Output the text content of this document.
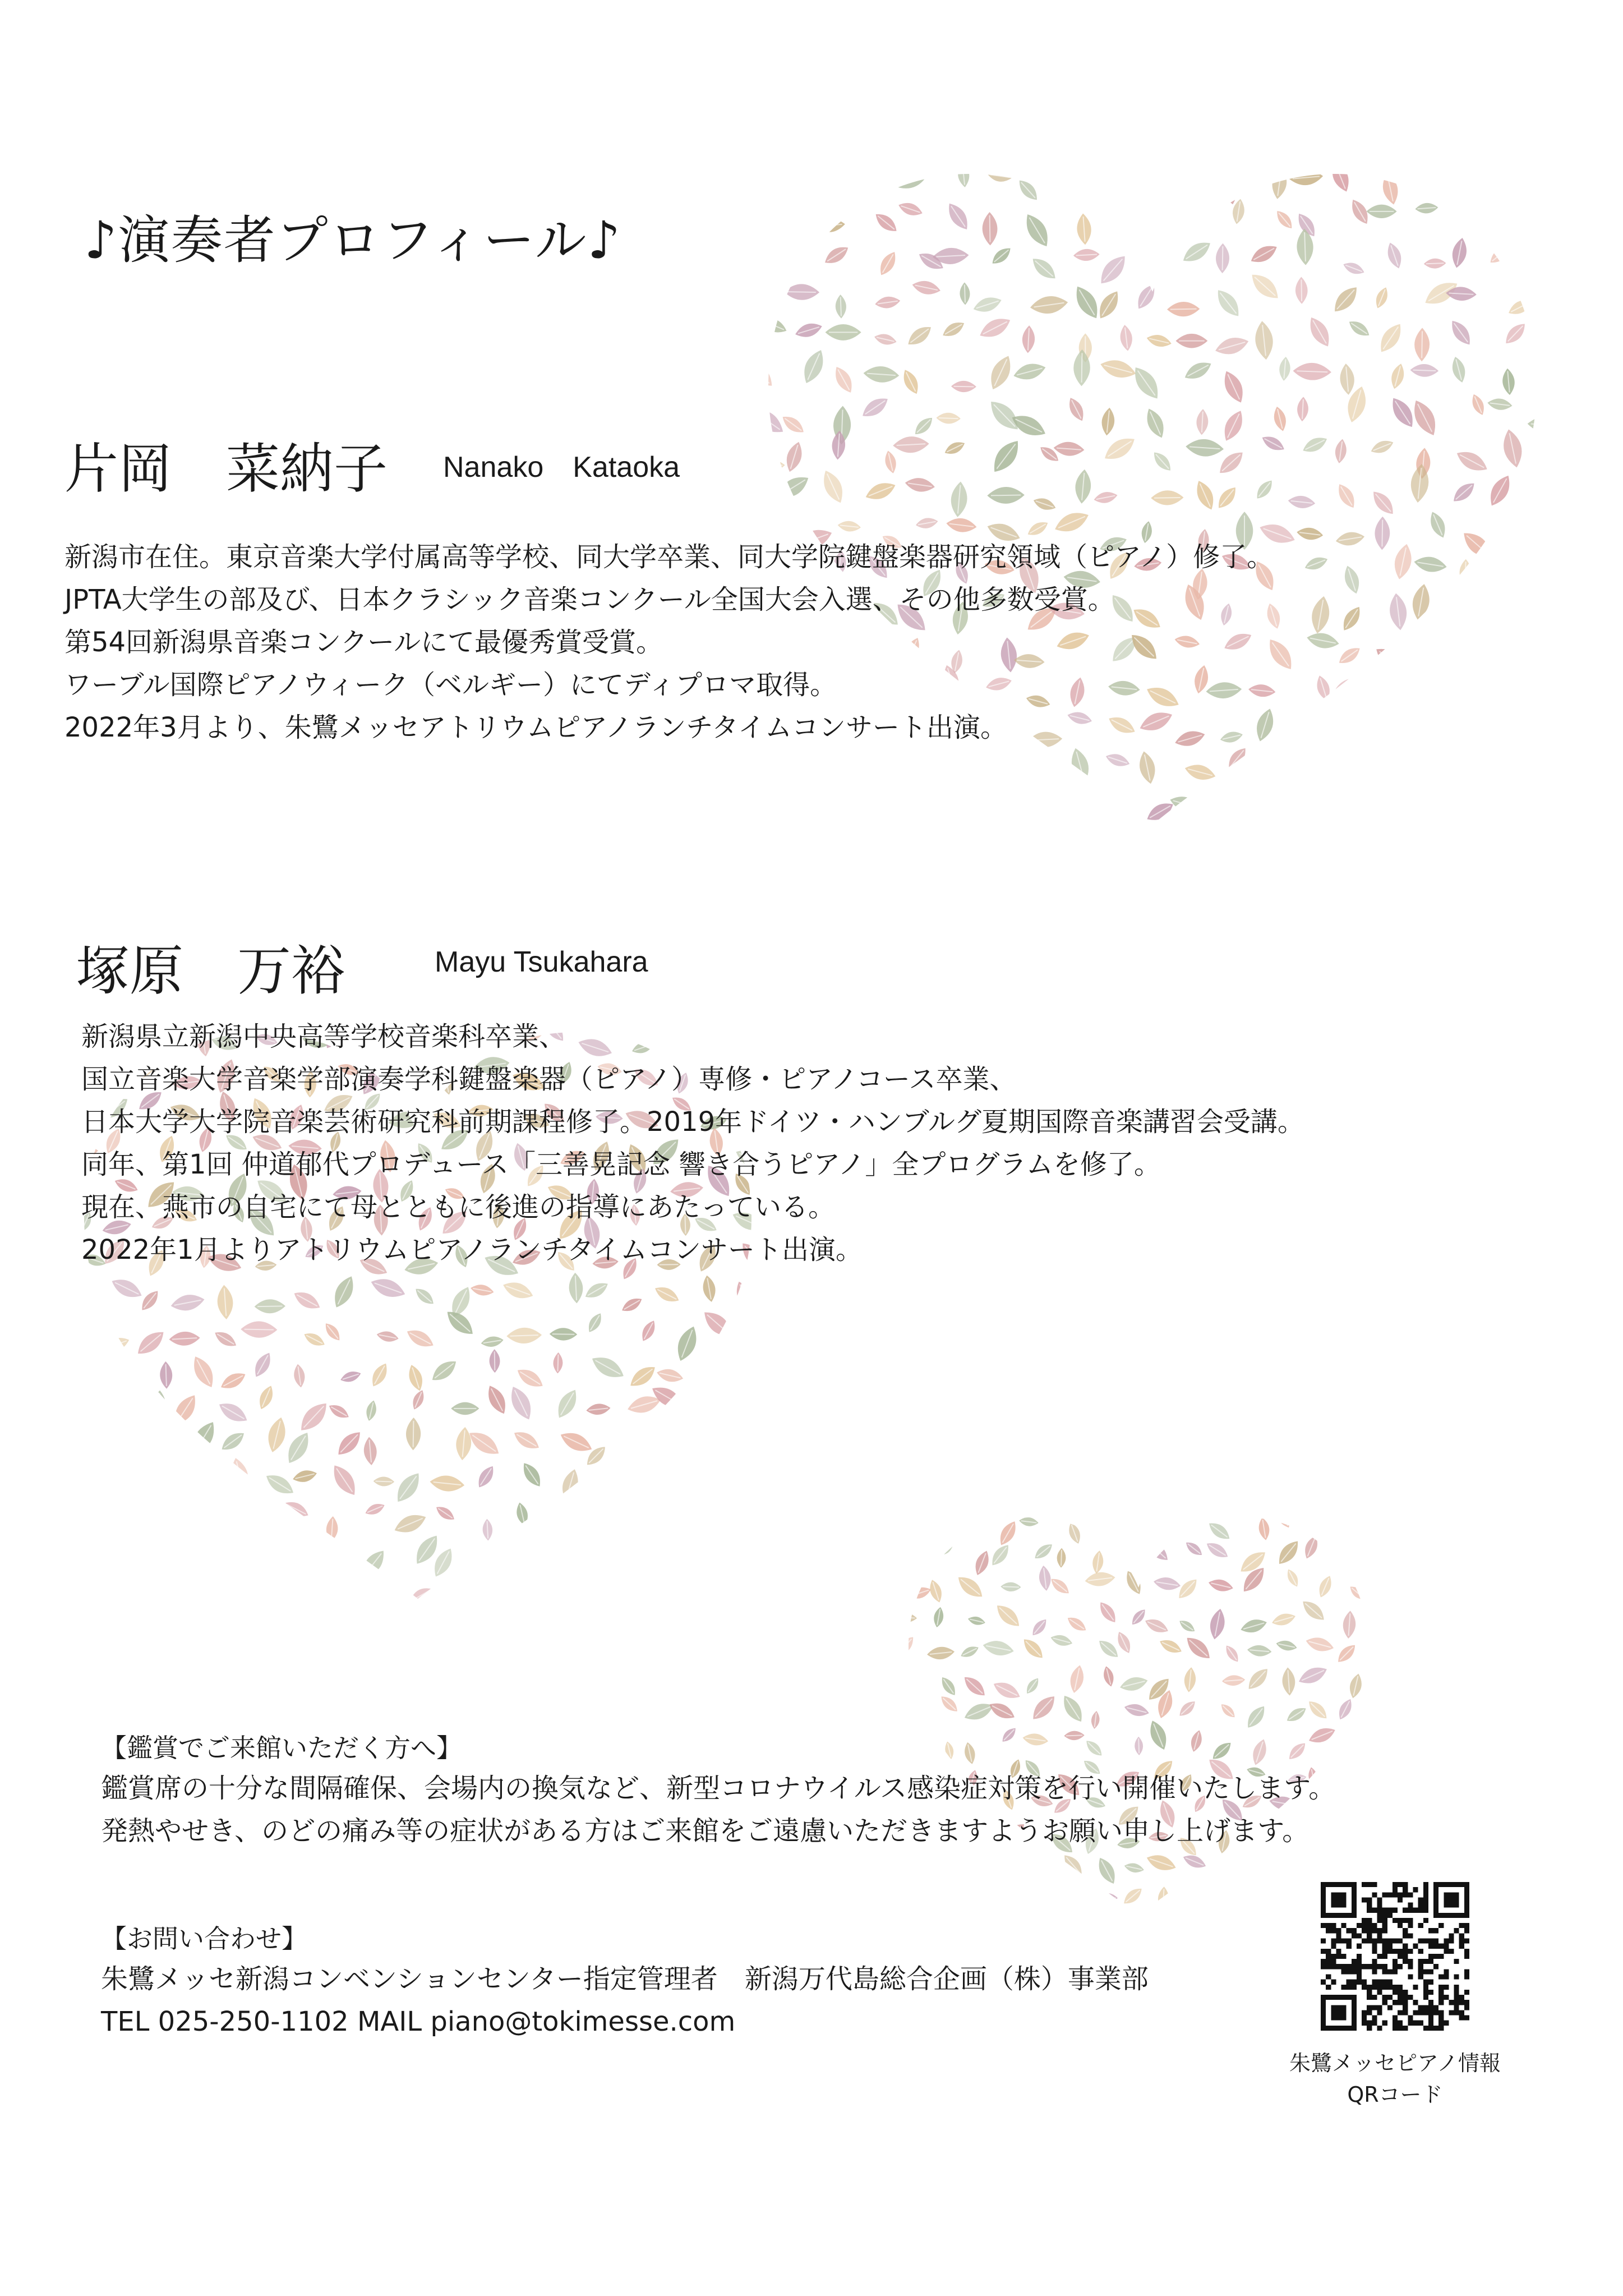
♪演奏者プロフィール♪
片岡　菜納子 Nanako　Kataoka
新潟市在住。東京音楽大学付属高等学校、同大学卒業、同大学院鍵盤楽器研究領域（ピアノ）修了。
JPTA大学生の部及び、日本クラシック音楽コンクール全国大会入選、その他多数受賞。
第54回新潟県音楽コンクールにて最優秀賞受賞。
ワーブル国際ピアノウィーク（ベルギー）にてディプロマ取得。
2022年3月より、朱鷺メッセアトリウムピアノランチタイムコンサート出演。
塚原　万裕	Mayu Tsukahara
新潟県立新潟中央高等学校音楽科卒業、
国立音楽大学音楽学部演奏学科鍵盤楽器（ピアノ）専修・ピアノコース卒業、
日本大学大学院音楽芸術研究科前期課程修了。2019年ドイツ・ハンブルグ夏期国際音楽講習会受講。
同年、第1回 仲道郁代プロデュース「三善晃記念 響き合うピアノ」全プログラムを修了。
現在、燕市の自宅にて母とともに後進の指導にあたっている。
2022年1月よりアトリウムピアノランチタイムコンサート出演。
【鑑賞でご来館いただく方へ】
鑑賞席の十分な間隔確保、会場内の換気など、新型コロナウイルス感染症対策を行い開催いたします。
発熱やせき、のどの痛み等の症状がある方はご来館をご遠慮いただきますようお願い申し上げます。
【お問い合わせ】
朱鷺メッセ新潟コンベンションセンター指定管理者　新潟万代島総合企画（株）事業部
TEL 025-250-1102 MAIL piano@tokimesse.com
朱鷺メッセピアノ情報
QRコード
